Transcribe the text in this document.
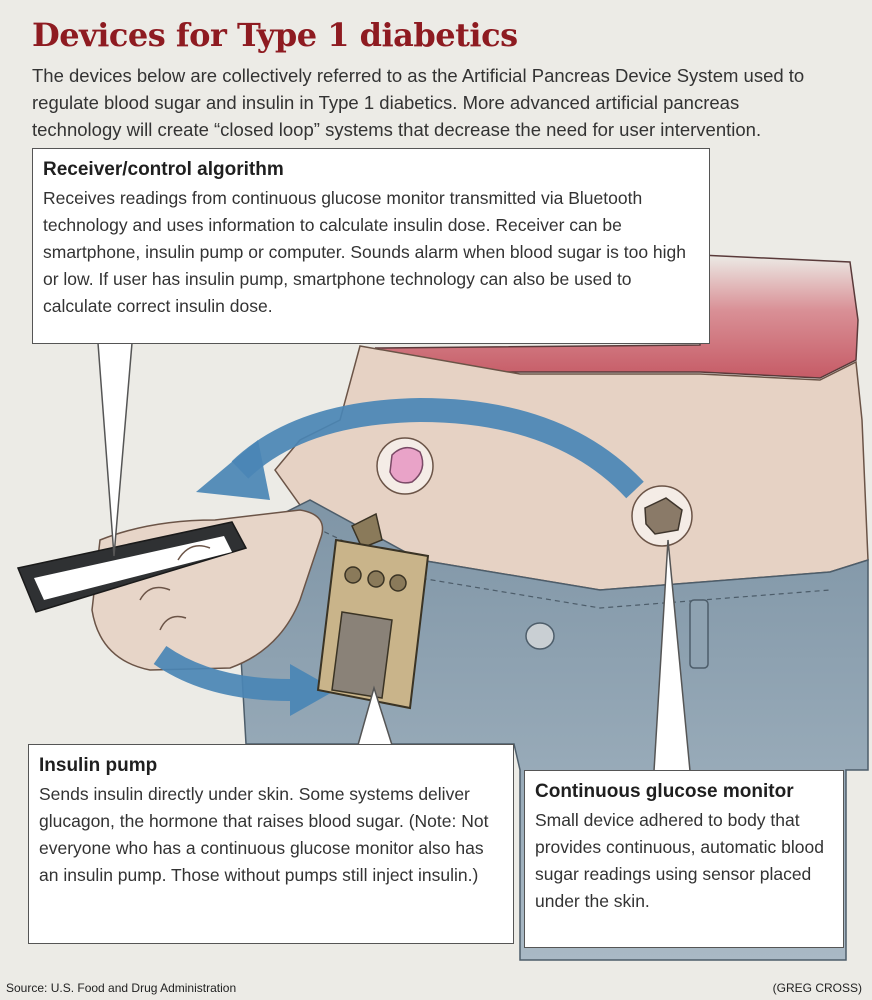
Devices for Type 1 diabetics

The devices below are collectively referred to as the Artificial Pancreas Device System used to regulate blood sugar and insulin in Type 1 diabetics. More advanced artificial pancreas technology will create “closed loop” systems that decrease the need for user intervention.

Receiver/control algorithm

Receives readings from continuous glucose monitor transmitted via Bluetooth technology and uses information to calculate insulin dose. Receiver can be smartphone, insulin pump or computer. Sounds alarm when blood sugar is too high or low. If user has insulin pump, smartphone technology can also be used to calculate correct insulin dose.

Insulin pump

Sends insulin directly under skin. Some systems deliver glucagon, the hormone that raises blood sugar. (Note: Not everyone who has a continuous glucose monitor also has an insulin pump. Those without pumps still inject insulin.)

Continuous glucose monitor

Small device adhered to body that provides continuous, automatic blood sugar readings using sensor placed under the skin.

Source: U.S. Food and Drug Administration	(GREG CROSS)
